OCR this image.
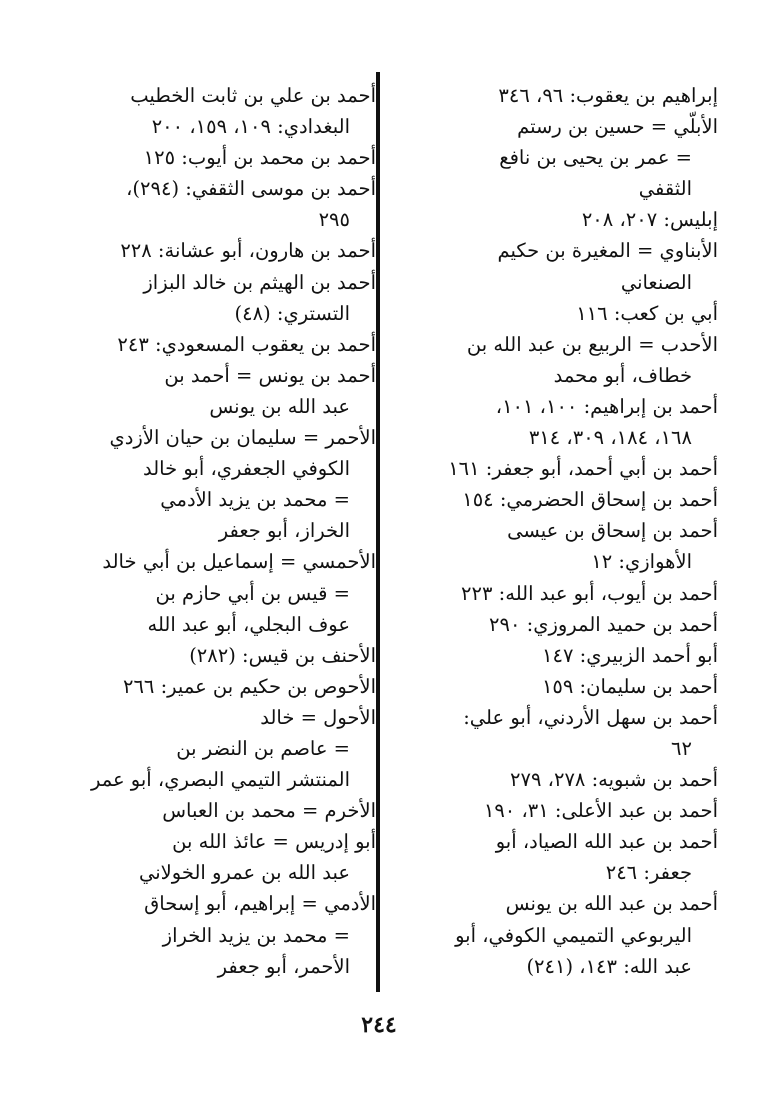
إبراهيم بن يعقوب: ٩٦، ٣٤٦
الأبلّي = حسين بن رستم
= عمر بن يحيى بن نافع
الثقفي
إبليس: ٢٠٧، ٢٠٨
الأبناوي = المغيرة بن حكيم
الصنعاني
أبي بن كعب: ١١٦
الأحدب = الربيع بن عبد الله بن
خطاف، أبو محمد
أحمد بن إبراهيم: ١٠٠، ١٠١،
١٦٨، ١٨٤، ٣٠٩، ٣١٤
أحمد بن أبي أحمد، أبو جعفر: ١٦١
أحمد بن إسحاق الحضرمي: ١٥٤
أحمد بن إسحاق بن عيسى
الأهوازي: ١٢
أحمد بن أيوب، أبو عبد الله: ٢٢٣
أحمد بن حميد المروزي: ٢٩٠
أبو أحمد الزبيري: ١٤٧
أحمد بن سليمان: ١٥٩
أحمد بن سهل الأردني، أبو علي:
٦٢
أحمد بن شبويه: ٢٧٨، ٢٧٩
أحمد بن عبد الأعلى: ٣١، ١٩٠
أحمد بن عبد الله الصياد، أبو
جعفر: ٢٤٦
أحمد بن عبد الله بن يونس
اليربوعي التميمي الكوفي، أبو
عبد الله: ١٤٣، (٢٤١)
أحمد بن علي بن ثابت الخطيب
البغدادي: ١٠٩، ١٥٩، ٢٠٠
أحمد بن محمد بن أيوب: ١٢٥
أحمد بن موسى الثقفي: (٢٩٤)،
٢٩٥
أحمد بن هارون، أبو عشانة: ٢٢٨
أحمد بن الهيثم بن خالد البزاز
التستري: (٤٨)
أحمد بن يعقوب المسعودي: ٢٤٣
أحمد بن يونس = أحمد بن
عبد الله بن يونس
الأحمر = سليمان بن حيان الأزدي
الكوفي الجعفري، أبو خالد
= محمد بن يزيد الأدمي
الخراز، أبو جعفر
الأحمسي = إسماعيل بن أبي خالد
= قيس بن أبي حازم بن
عوف البجلي، أبو عبد الله
الأحنف بن قيس: (٢٨٢)
الأحوص بن حكيم بن عمير: ٢٦٦
الأحول = خالد
= عاصم بن النضر بن
المنتشر التيمي البصري، أبو عمر
الأخرم = محمد بن العباس
أبو إدريس = عائذ الله بن
عبد الله بن عمرو الخولاني
الأدمي = إبراهيم، أبو إسحاق
= محمد بن يزيد الخراز
الأحمر، أبو جعفر
٢٤٤
